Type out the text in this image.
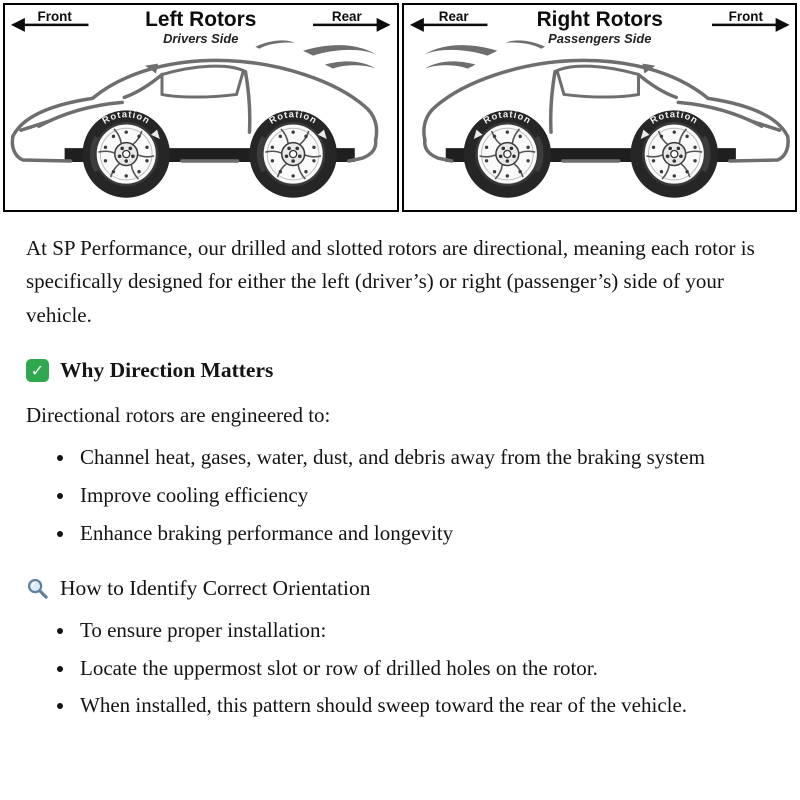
Front	Rear
Left Rotors
Drivers Side
Rotation	Rotation
Rear	Front
Right Rotors
Passengers Side
Rotation	Rotation

At SP Performance, our drilled and slotted rotors are directional, meaning each rotor is specifically designed for either the left (driver’s) or right (passenger’s) side of your vehicle.

✓ Why Direction Matters

Directional rotors are engineered to:

• Channel heat, gases, water, dust, and debris away from the braking system
• Improve cooling efficiency
• Enhance braking performance and longevity
How to Identify Correct Orientation
• To ensure proper installation:
• Locate the uppermost slot or row of drilled holes on the rotor.
• When installed, this pattern should sweep toward the rear of the vehicle.
